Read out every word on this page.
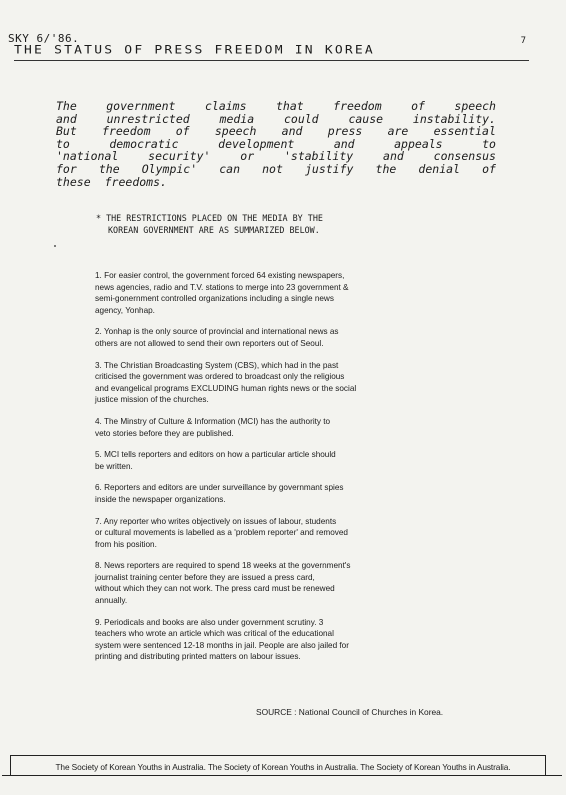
SKY 6/'86.	7
THE STATUS OF PRESS FREEDOM IN KOREA
The	government	claims	that	freedom	of	speech
and	unrestricted	media	could	cause	instability.
But freedom of speech and press are essential
to	democratic	development	and	appeals	to
'national	security'	or	'stability	and	consensus
for the Olympic' can not justify the denial of
these freedoms.
* THE RESTRICTIONS PLACED ON THE MEDIA BY THE
KOREAN GOVERNMENT ARE AS SUMMARIZED BELOW.
1. For easier control, the government forced 64 existing newspapers,
news agencies, radio and T.V. stations to merge into 23 government &
semi-gonernment controlled organizations including a single news
agency, Yonhap.
2. Yonhap is the only source of provincial and international news as
others are not allowed to send their own reporters out of Seoul.
3. The Christian Broadcasting System (CBS), which had in the past
criticised the government was ordered to broadcast only the religious
and evangelical programs EXCLUDING human rights news or the social
justice mission of the churches.
4. The Minstry of Culture & Information (MCI) has the authority to
veto stories before they are published.
5. MCI tells reporters and editors on how a particular article should
be written.
6. Reporters and editors are under surveillance by governmant spies
inside the newspaper organizations.
7. Any reporter who writes objectively on issues of labour, students
or cultural movements is labelled as a 'problem reporter' and removed
from his position.
8. News reporters are required to spend 18 weeks at the government's
journalist training center before they are issued a press card,
without which they can not work. The press card must be renewed
annually.
9. Periodicals and books are also under government scrutiny. 3
teachers who wrote an article which was critical of the educational
system were sentenced 12-18 months in jail. People are also jailed for
printing and distributing printed matters on labour issues.
SOURCE : National Council of Churches in Korea.
The Society of Korean Youths in Australia. The Society of Korean Youths in Australia. The Society of Korean Youths in Australia.
